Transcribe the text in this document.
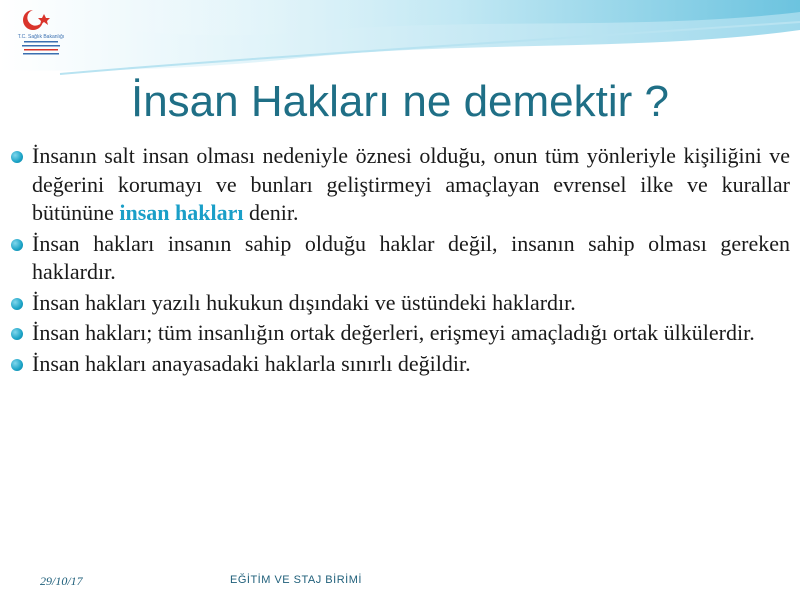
T.C. Sağlık Bakanlığı
İnsan Hakları ne demektir ?
İnsanın salt insan olması nedeniyle öznesi olduğu, onun tüm yönleriyle kişiliğini ve değerini korumayı ve bunları geliştirmeyi amaçlayan evrensel ilke ve kurallar bütününe insan hakları denir.
İnsan hakları insanın sahip olduğu haklar değil, insanın sahip olması gereken haklardır.
İnsan hakları yazılı hukukun dışındaki ve üstündeki haklardır.
İnsan hakları; tüm insanlığın ortak değerleri, erişmeyi amaçladığı ortak ülkülerdir.
İnsan hakları anayasadaki haklarla sınırlı değildir.
29/10/17	EĞİTİM VE STAJ BİRİMİ
